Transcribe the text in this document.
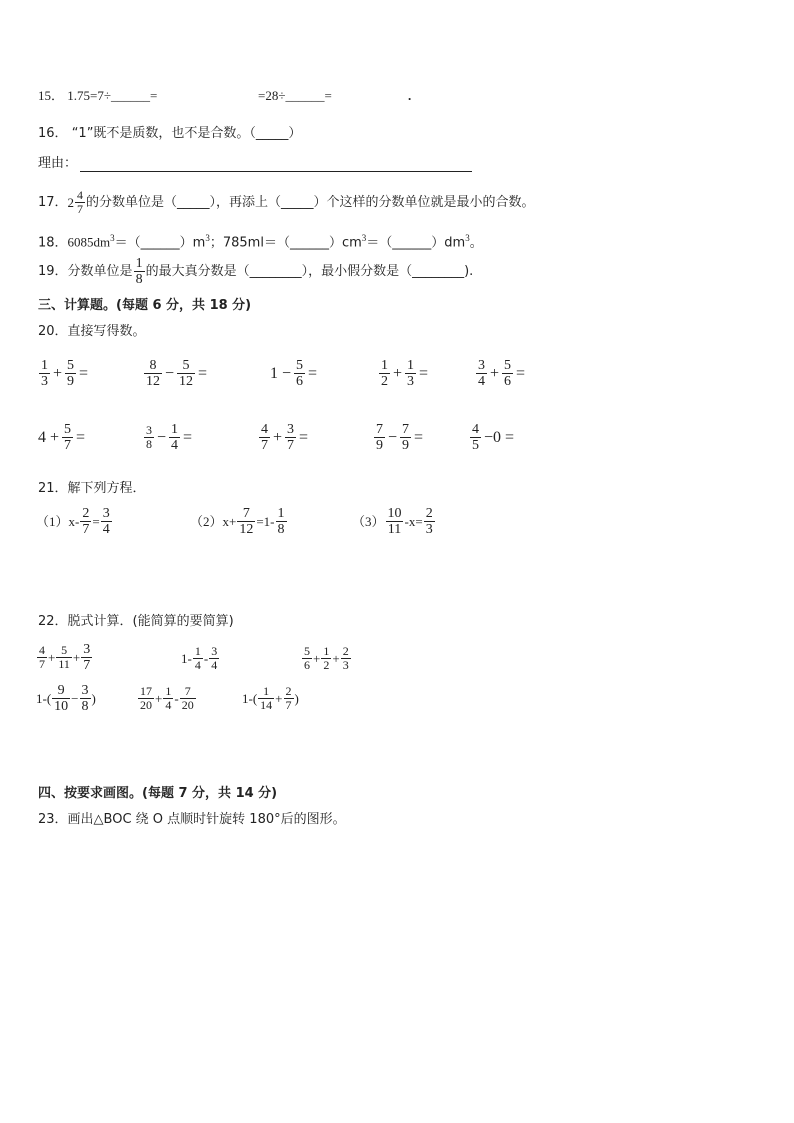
15． 1.75=7÷______=	=28÷______=	.
16． “1”既不是质数，也不是合数。（_____）
理由：
17． $2 \frac{4}{7}$ 的分数单位是（_____），再添上（_____）个这样的分数单位就是最小的合数。
18．$6085dm^3=(\_\_\_\_\_\_)m^3$；$785ml=(\_\_\_\_\_\_)cm^3=(\_\_\_\_\_\_)dm^3$。
19． 分数单位是 $\frac{1}{8}$ 的最大真分数是（________），最小假分数是（________).
三、计算题。(每题 6 分，共 18 分)
20．直接写得数。
$\frac{1}{3} + \frac{5}{9}$ =	$\frac{8}{12} - \frac{5}{12}$ =	$1 - \frac{5}{6}$ =	$\frac{1}{2} + \frac{1}{3}$ =	$\frac{3}{4} + \frac{5}{6}$ =
$4 + \frac{5}{7}$ =	$\frac{3}{8} - \frac{1}{4}$ =	$\frac{4}{7} + \frac{3}{7}$ =	$\frac{7}{9} - \frac{7}{9}$ =	$\frac{4}{5} -0$ =
21．解下列方程．
$(1)x- \frac{2}{7} = \frac{3}{4}$	$(2)x+ \frac{7}{12} =1- \frac{1}{8}$	$(3) \frac{10}{11} -x= \frac{2}{3}$
22．脱式计算．(能简算的要简算)
$\frac{4}{7} + \frac{5}{11} + \frac{3}{7}$	$1- \frac{1}{4} - \frac{3}{4}$	$\frac{5}{6} + \frac{1}{2} + \frac{2}{3}$
$1-( \frac{9}{10} - \frac{3}{8}$ )	$\frac{17}{20} + \frac{1}{4} - \frac{7}{20}$	$1-( \frac{1}{14} + \frac{2}{7}$ )
四、按要求画图。(每题 7 分，共 14 分)
23．画出△BOC 绕 O 点顺时针旋转 180°后的图形。
